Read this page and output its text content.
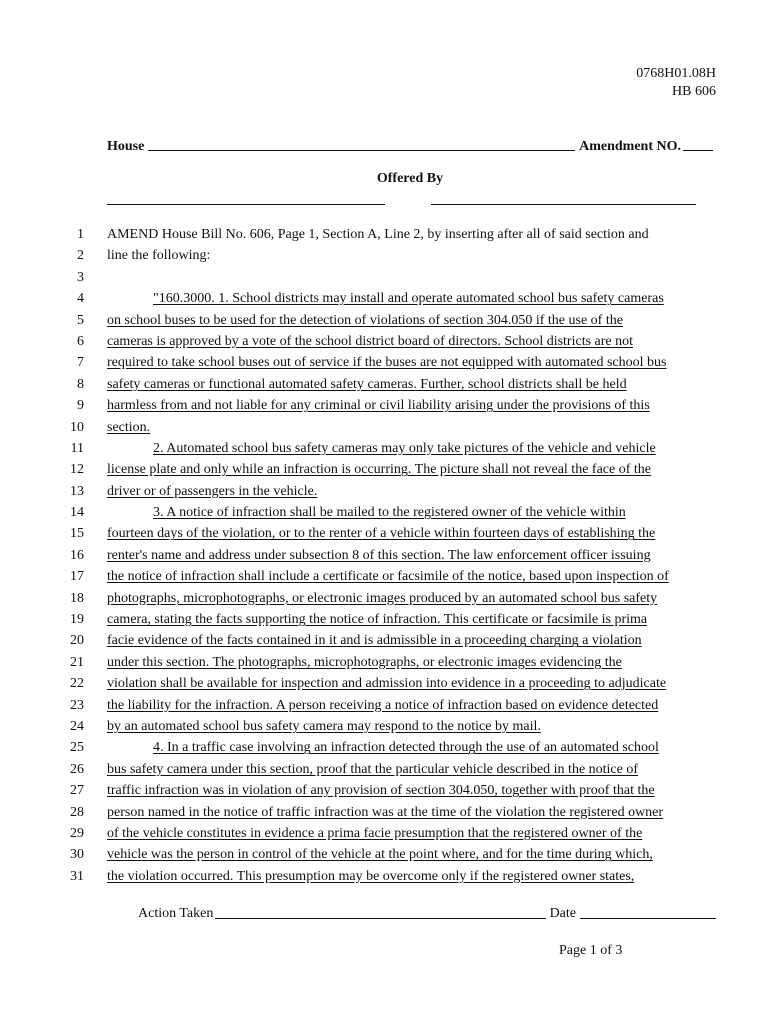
0768H01.08H
HB 606
House	Amendment NO.
Offered By
1 AMEND House Bill No. 606, Page 1, Section A, Line 2, by inserting after all of said section and
2 line the following:
3
4	"160.3000. 1. School districts may install and operate automated school bus safety cameras
5 on school buses to be used for the detection of violations of section 304.050 if the use of the
6 cameras is approved by a vote of the school district board of directors. School districts are not
7 required to take school buses out of service if the buses are not equipped with automated school bus
8 safety cameras or functional automated safety cameras. Further, school districts shall be held
9 harmless from and not liable for any criminal or civil liability arising under the provisions of this
10 section.
11	2. Automated school bus safety cameras may only take pictures of the vehicle and vehicle
12 license plate and only while an infraction is occurring. The picture shall not reveal the face of the
13 driver or of passengers in the vehicle.
14	3. A notice of infraction shall be mailed to the registered owner of the vehicle within
15 fourteen days of the violation, or to the renter of a vehicle within fourteen days of establishing the
16 renter's name and address under subsection 8 of this section. The law enforcement officer issuing
17 the notice of infraction shall include a certificate or facsimile of the notice, based upon inspection of
18 photographs, microphotographs, or electronic images produced by an automated school bus safety
19 camera, stating the facts supporting the notice of infraction. This certificate or facsimile is prima
20 facie evidence of the facts contained in it and is admissible in a proceeding charging a violation
21 under this section. The photographs, microphotographs, or electronic images evidencing the
22 violation shall be available for inspection and admission into evidence in a proceeding to adjudicate
23 the liability for the infraction. A person receiving a notice of infraction based on evidence detected
24 by an automated school bus safety camera may respond to the notice by mail.
25	4. In a traffic case involving an infraction detected through the use of an automated school
26 bus safety camera under this section, proof that the particular vehicle described in the notice of
27 traffic infraction was in violation of any provision of section 304.050, together with proof that the
28 person named in the notice of traffic infraction was at the time of the violation the registered owner
29 of the vehicle constitutes in evidence a prima facie presumption that the registered owner of the
30 vehicle was the person in control of the vehicle at the point where, and for the time during which,
31 the violation occurred. This presumption may be overcome only if the registered owner states,
Action Taken	Date
Page 1 of 3
